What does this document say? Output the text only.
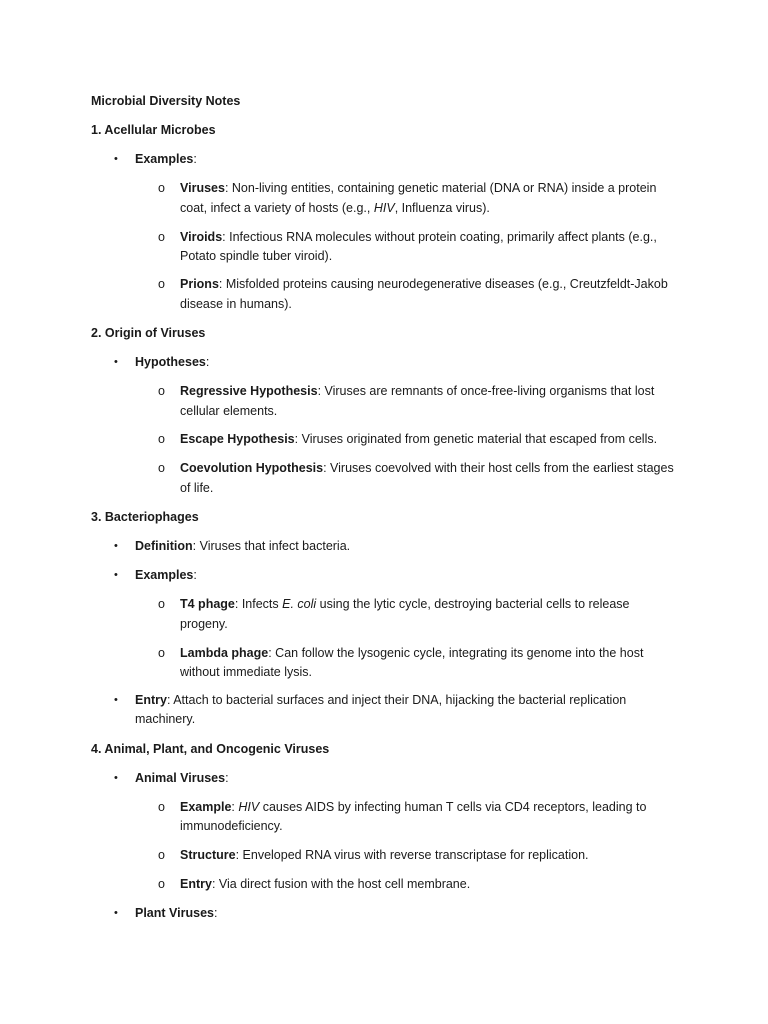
Microbial Diversity Notes
1. Acellular Microbes
• Examples:
o Viruses: Non-living entities, containing genetic material (DNA or RNA) inside a protein
coat, infect a variety of hosts (e.g., HIV, Influenza virus).
o Viroids: Infectious RNA molecules without protein coating, primarily affect plants (e.g.,
Potato spindle tuber viroid).
o Prions: Misfolded proteins causing neurodegenerative diseases (e.g., Creutzfeldt-Jakob
disease in humans).
2. Origin of Viruses
• Hypotheses:
o Regressive Hypothesis: Viruses are remnants of once-free-living organisms that lost
cellular elements.
o Escape Hypothesis: Viruses originated from genetic material that escaped from cells.
o Coevolution Hypothesis: Viruses coevolved with their host cells from the earliest stages
of life.
3. Bacteriophages
• Definition: Viruses that infect bacteria.
• Examples:
o T4 phage: Infects E. coli using the lytic cycle, destroying bacterial cells to release
progeny.
o Lambda phage: Can follow the lysogenic cycle, integrating its genome into the host
without immediate lysis.
• Entry: Attach to bacterial surfaces and inject their DNA, hijacking the bacterial replication
machinery.
4. Animal, Plant, and Oncogenic Viruses
• Animal Viruses:
o Example: HIV causes AIDS by infecting human T cells via CD4 receptors, leading to
immunodeficiency.
o Structure: Enveloped RNA virus with reverse transcriptase for replication.
o Entry: Via direct fusion with the host cell membrane.
• Plant Viruses:
